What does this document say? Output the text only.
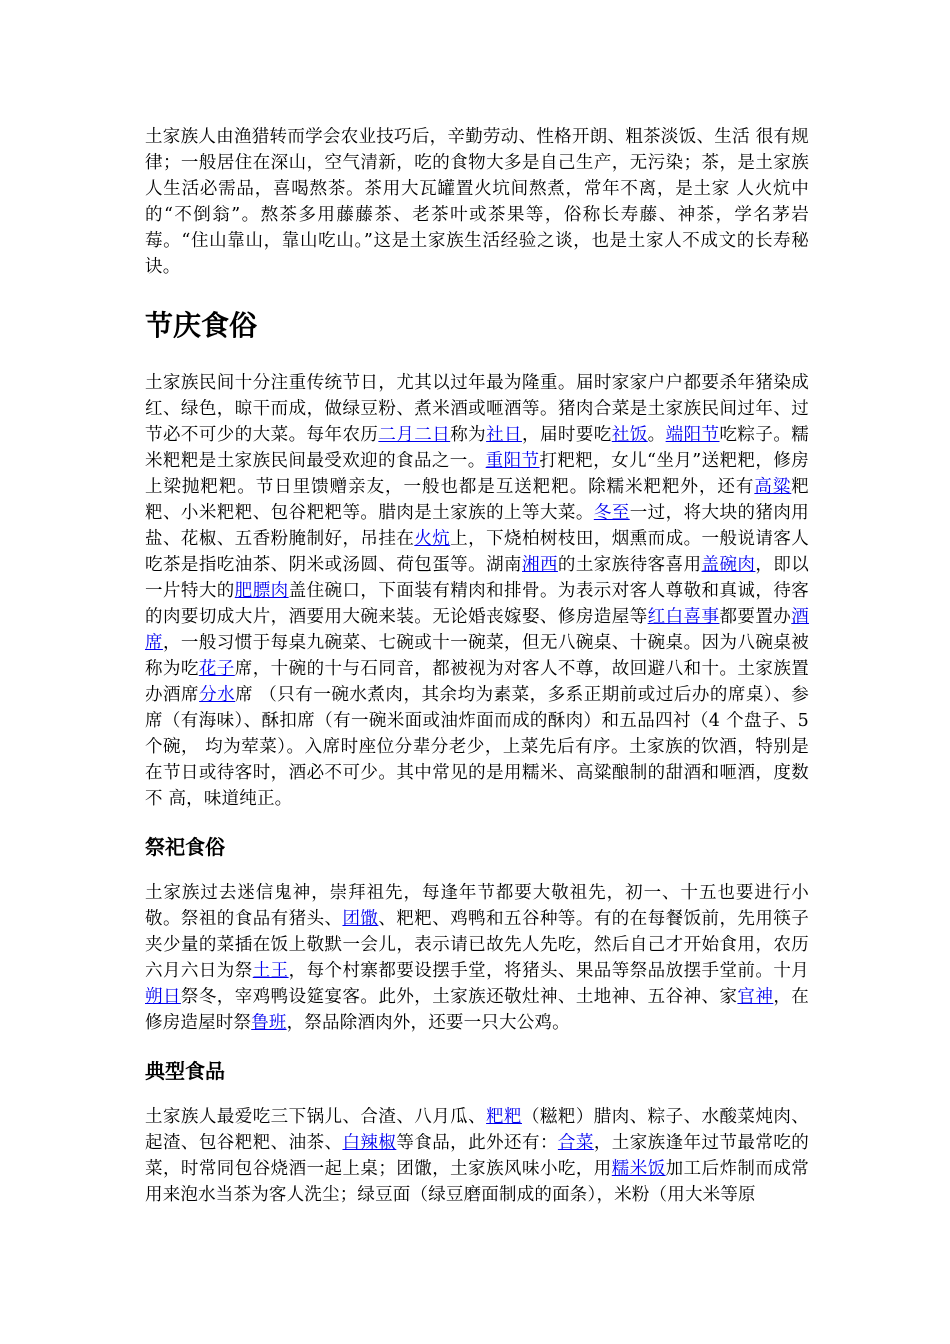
土家族人由渔猎转而学会农业技巧后，辛勤劳动、性格开朗、粗茶淡饭、生活 很有规律；一般居住在深山，空气清新，吃的食物大多是自己生产，无污染；茶，是土家族人生活必需品，喜喝熬茶。茶用大瓦罐置火坑间熬煮，常年不离，是土家 人火炕中的“不倒翁”。熬茶多用藤藤茶、老茶叶或茶果等，俗称长寿藤、神茶，学名茅岩莓。“住山靠山，靠山吃山。”这是土家族生活经验之谈，也是土家人不成文的长寿秘诀。

节庆食俗

土家族民间十分注重传统节日，尤其以过年最为隆重。届时家家户户都要杀年猪染成红、绿色，晾干而成，做绿豆粉、煮米酒或咂酒等。猪肉合菜是土家族民间过年、过节必不可少的大菜。每年农历二月二日称为社日，届时要吃社饭。端阳节吃粽子。糯米粑粑是土家族民间最受欢迎的食品之一。重阳节打粑粑，女儿“坐月”送粑粑，修房上梁抛粑粑。节日里馈赠亲友，一般也都是互送粑粑。除糯米粑粑外，还有高粱粑粑、小米粑粑、包谷粑粑等。腊肉是土家族的上等大菜。冬至一过，将大块的猪肉用盐、花椒、五香粉腌制好，吊挂在火炕上，下烧柏树枝田，烟熏而成。一般说请客人吃茶是指吃油茶、阴米或汤圆、荷包蛋等。湖南湘西的土家族待客喜用盖碗肉，即以一片特大的肥膘肉盖住碗口，下面装有精肉和排骨。为表示对客人尊敬和真诚，待客的肉要切成大片，酒要用大碗来装。无论婚丧嫁娶、修房造屋等红白喜事都要置办酒席，一般习惯于每桌九碗菜、七碗或十一碗菜，但无八碗桌、十碗桌。因为八碗桌被称为吃花子席，十碗的十与石同音，都被视为对客人不尊，故回避八和十。土家族置办酒席分水席 （只有一碗水煮肉，其余均为素菜，多系正期前或过后办的席桌）、参席（有海味）、酥扣席（有一碗米面或油炸面而成的酥肉）和五品四衬（4 个盘子、5 个碗， 均为荤菜）。入席时座位分辈分老少，上菜先后有序。土家族的饮酒，特别是在节日或待客时，酒必不可少。其中常见的是用糯米、高粱酿制的甜酒和咂酒，度数不 高，味道纯正。

祭祀食俗

土家族过去迷信鬼神，崇拜祖先，每逢年节都要大敬祖先，初一、十五也要进行小敬。祭祖的食品有猪头、团馓、粑粑、鸡鸭和五谷种等。有的在每餐饭前，先用筷子夹少量的菜插在饭上敬默一会儿，表示请已故先人先吃，然后自己才开始食用，农历六月六日为祭土王，每个村寨都要设摆手堂，将猪头、果品等祭品放摆手堂前。十月朔日祭冬，宰鸡鸭设筵宴客。此外，土家族还敬灶神、土地神、五谷神、家官神，在修房造屋时祭鲁班，祭品除酒肉外，还要一只大公鸡。

典型食品

土家族人最爱吃三下锅儿、合渣、八月瓜、粑粑（糍粑）腊肉、粽子、水酸菜炖肉、起渣、包谷粑粑、油茶、白辣椒等食品，此外还有：合菜，土家族逢年过节最常吃的菜，时常同包谷烧酒一起上桌；团馓，土家族风味小吃，用糯米饭加工后炸制而成常用来泡水当茶为客人洗尘；绿豆面（绿豆磨面制成的面条），米粉（用大米等原
